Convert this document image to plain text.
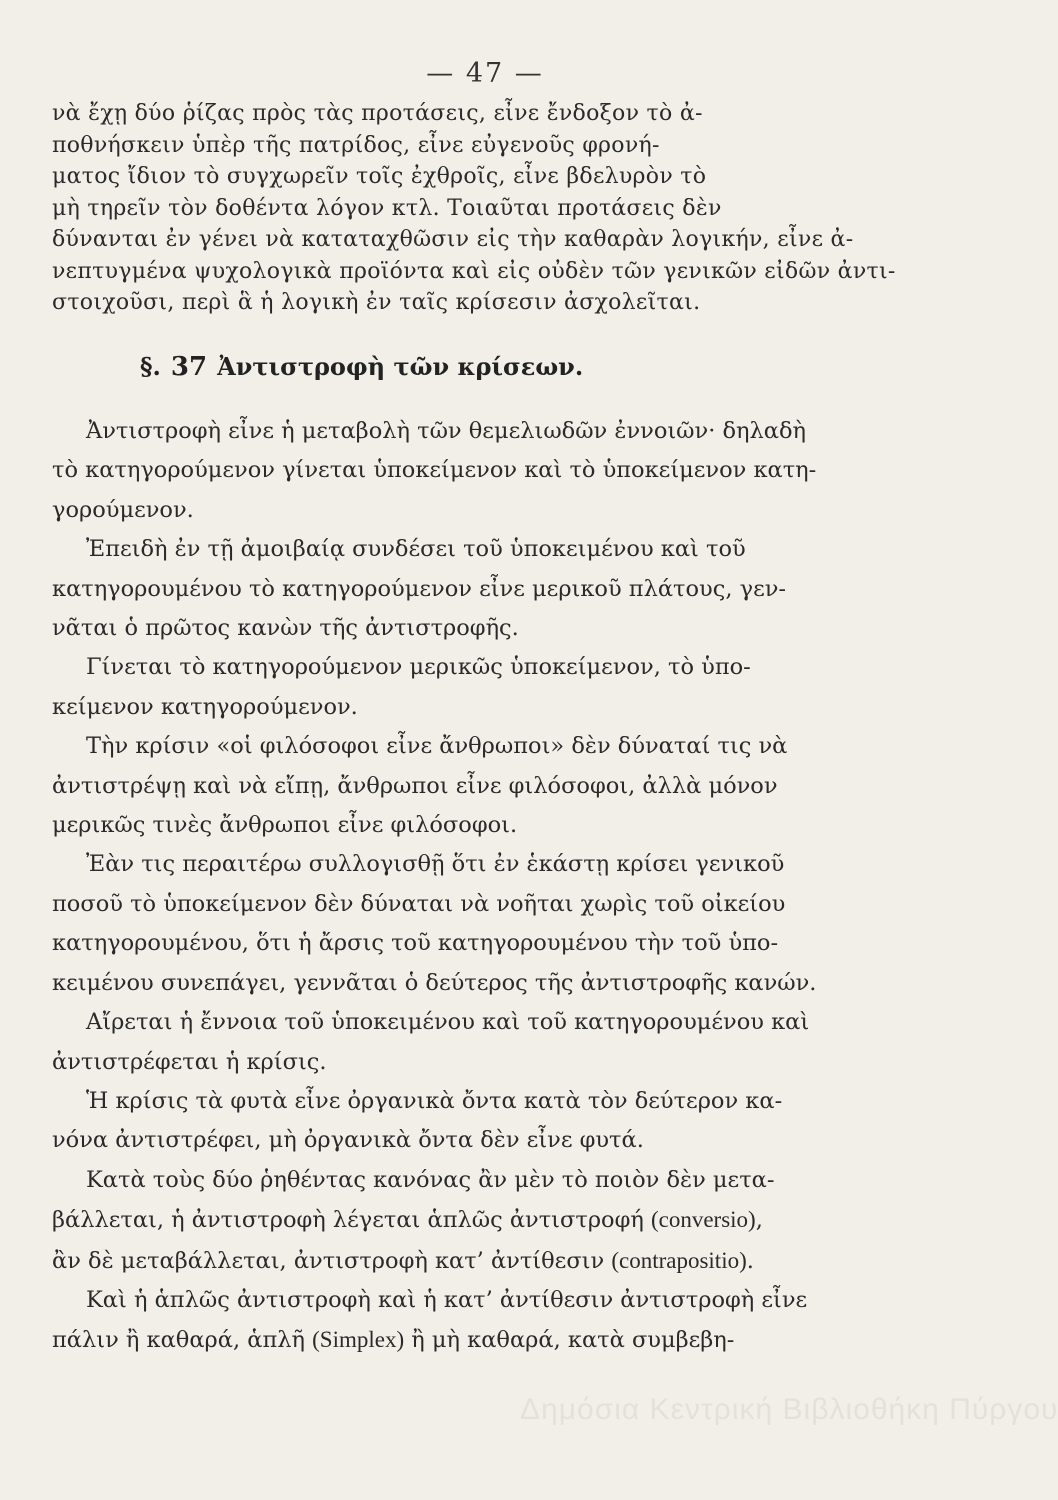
— 47 —
νὰ ἔχῃ δύο ῥίζας πρὸς τὰς προτάσεις, εἶνε ἔνδοξον τὸ ἀ-
ποθνήσκειν ὑπὲρ τῆς πατρίδος, εἶνε εὐγενοῦς φρονή-
ματος ἴδιον τὸ συγχωρεῖν τοῖς ἐχθροῖς, εἶνε βδελυρὸν τὸ
μὴ τηρεῖν τὸν δοθέντα λόγον κτλ. Τοιαῦται προτάσεις δὲν
δύνανται ἐν γένει νὰ καταταχθῶσιν εἰς τὴν καθαρὰν λογικήν, εἶνε ἀ-
νεπτυγμένα ψυχολογικὰ προϊόντα καὶ εἰς οὐδὲν τῶν γενικῶν εἰδῶν ἀντι-
στοιχοῦσι, περὶ ἃ ἡ λογικὴ ἐν ταῖς κρίσεσιν ἀσχολεῖται.
§. 37 Ἀντιστροφὴ τῶν κρίσεων.
Ἀντιστροφὴ εἶνε ἡ μεταβολὴ τῶν θεμελιωδῶν ἐννοιῶν· δηλαδὴ
τὸ κατηγορούμενον γίνεται ὑποκείμενον καὶ τὸ ὑποκείμενον κατη-
γορούμενον.
Ἐπειδὴ ἐν τῇ ἀμοιβαίᾳ συνδέσει τοῦ ὑποκειμένου καὶ τοῦ
κατηγορουμένου τὸ κατηγορούμενον εἶνε μερικοῦ πλάτους, γεν-
νᾶται ὁ πρῶτος κανὼν τῆς ἀντιστροφῆς.
Γίνεται τὸ κατηγορούμενον μερικῶς ὑποκείμενον, τὸ ὑπο-
κείμενον κατηγορούμενον.
Τὴν κρίσιν «οἱ φιλόσοφοι εἶνε ἄνθρωποι» δὲν δύναταί τις νὰ
ἀντιστρέψῃ καὶ νὰ εἴπῃ, ἄνθρωποι εἶνε φιλόσοφοι, ἀλλὰ μόνον
μερικῶς τινὲς ἄνθρωποι εἶνε φιλόσοφοι.
Ἐὰν τις περαιτέρω συλλογισθῇ ὅτι ἐν ἑκάστῃ κρίσει γενικοῦ
ποσοῦ τὸ ὑποκείμενον δὲν δύναται νὰ νοῆται χωρὶς τοῦ οἰκείου
κατηγορουμένου, ὅτι ἡ ἄρσις τοῦ κατηγορουμένου τὴν τοῦ ὑπο-
κειμένου συνεπάγει, γεννᾶται ὁ δεύτερος τῆς ἀντιστροφῆς κανών.
Αἴρεται ἡ ἔννοια τοῦ ὑποκειμένου καὶ τοῦ κατηγορουμένου καὶ
ἀντιστρέφεται ἡ κρίσις.
Ἡ κρίσις τὰ φυτὰ εἶνε ὀργανικὰ ὄντα κατὰ τὸν δεύτερον κα-
νόνα ἀντιστρέφει, μὴ ὀργανικὰ ὄντα δὲν εἶνε φυτά.
Κατὰ τοὺς δύο ῥηθέντας κανόνας ἂν μὲν τὸ ποιὸν δὲν μετα-
βάλλεται, ἡ ἀντιστροφὴ λέγεται ἁπλῶς ἀντιστροφή (conversio),
ἂν δὲ μεταβάλλεται, ἀντιστροφὴ κατ’ ἀντίθεσιν (contrapositio).
Καὶ ἡ ἁπλῶς ἀντιστροφὴ καὶ ἡ κατ’ ἀντίθεσιν ἀντιστροφὴ εἶνε
πάλιν ἢ καθαρά, ἁπλῆ (Simplex) ἢ μὴ καθαρά, κατὰ συμβεβη-
Δημόσια Κεντρική Βιβλιοθήκη Πύργου
